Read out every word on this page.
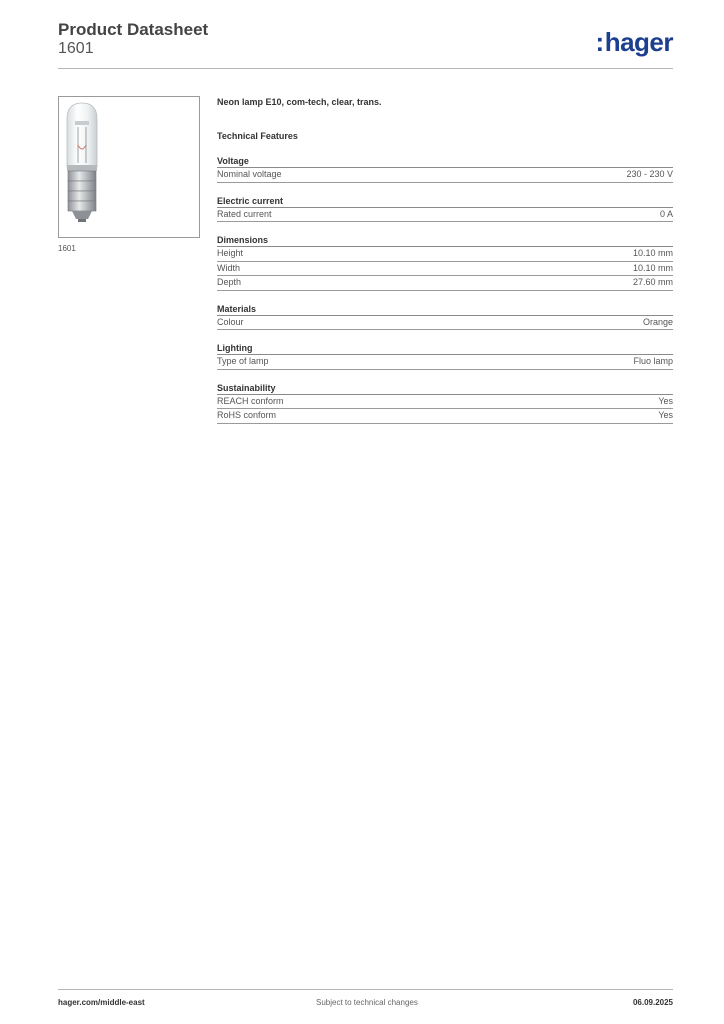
Product Datasheet
1601	:hager
1601
Neon lamp E10, com-tech, clear, trans.
Technical Features
Voltage
Nominal voltage	230 - 230 V
Electric current
Rated current	0 A
Dimensions
Height	10.10 mm
Width	10.10 mm
Depth	27.60 mm
Materials
Colour	Orange
Lighting
Type of lamp	Fluo lamp
Sustainability
REACH conform	Yes
RoHS conform	Yes
hager.com/middle-east	Subject to technical changes	06.09.2025
